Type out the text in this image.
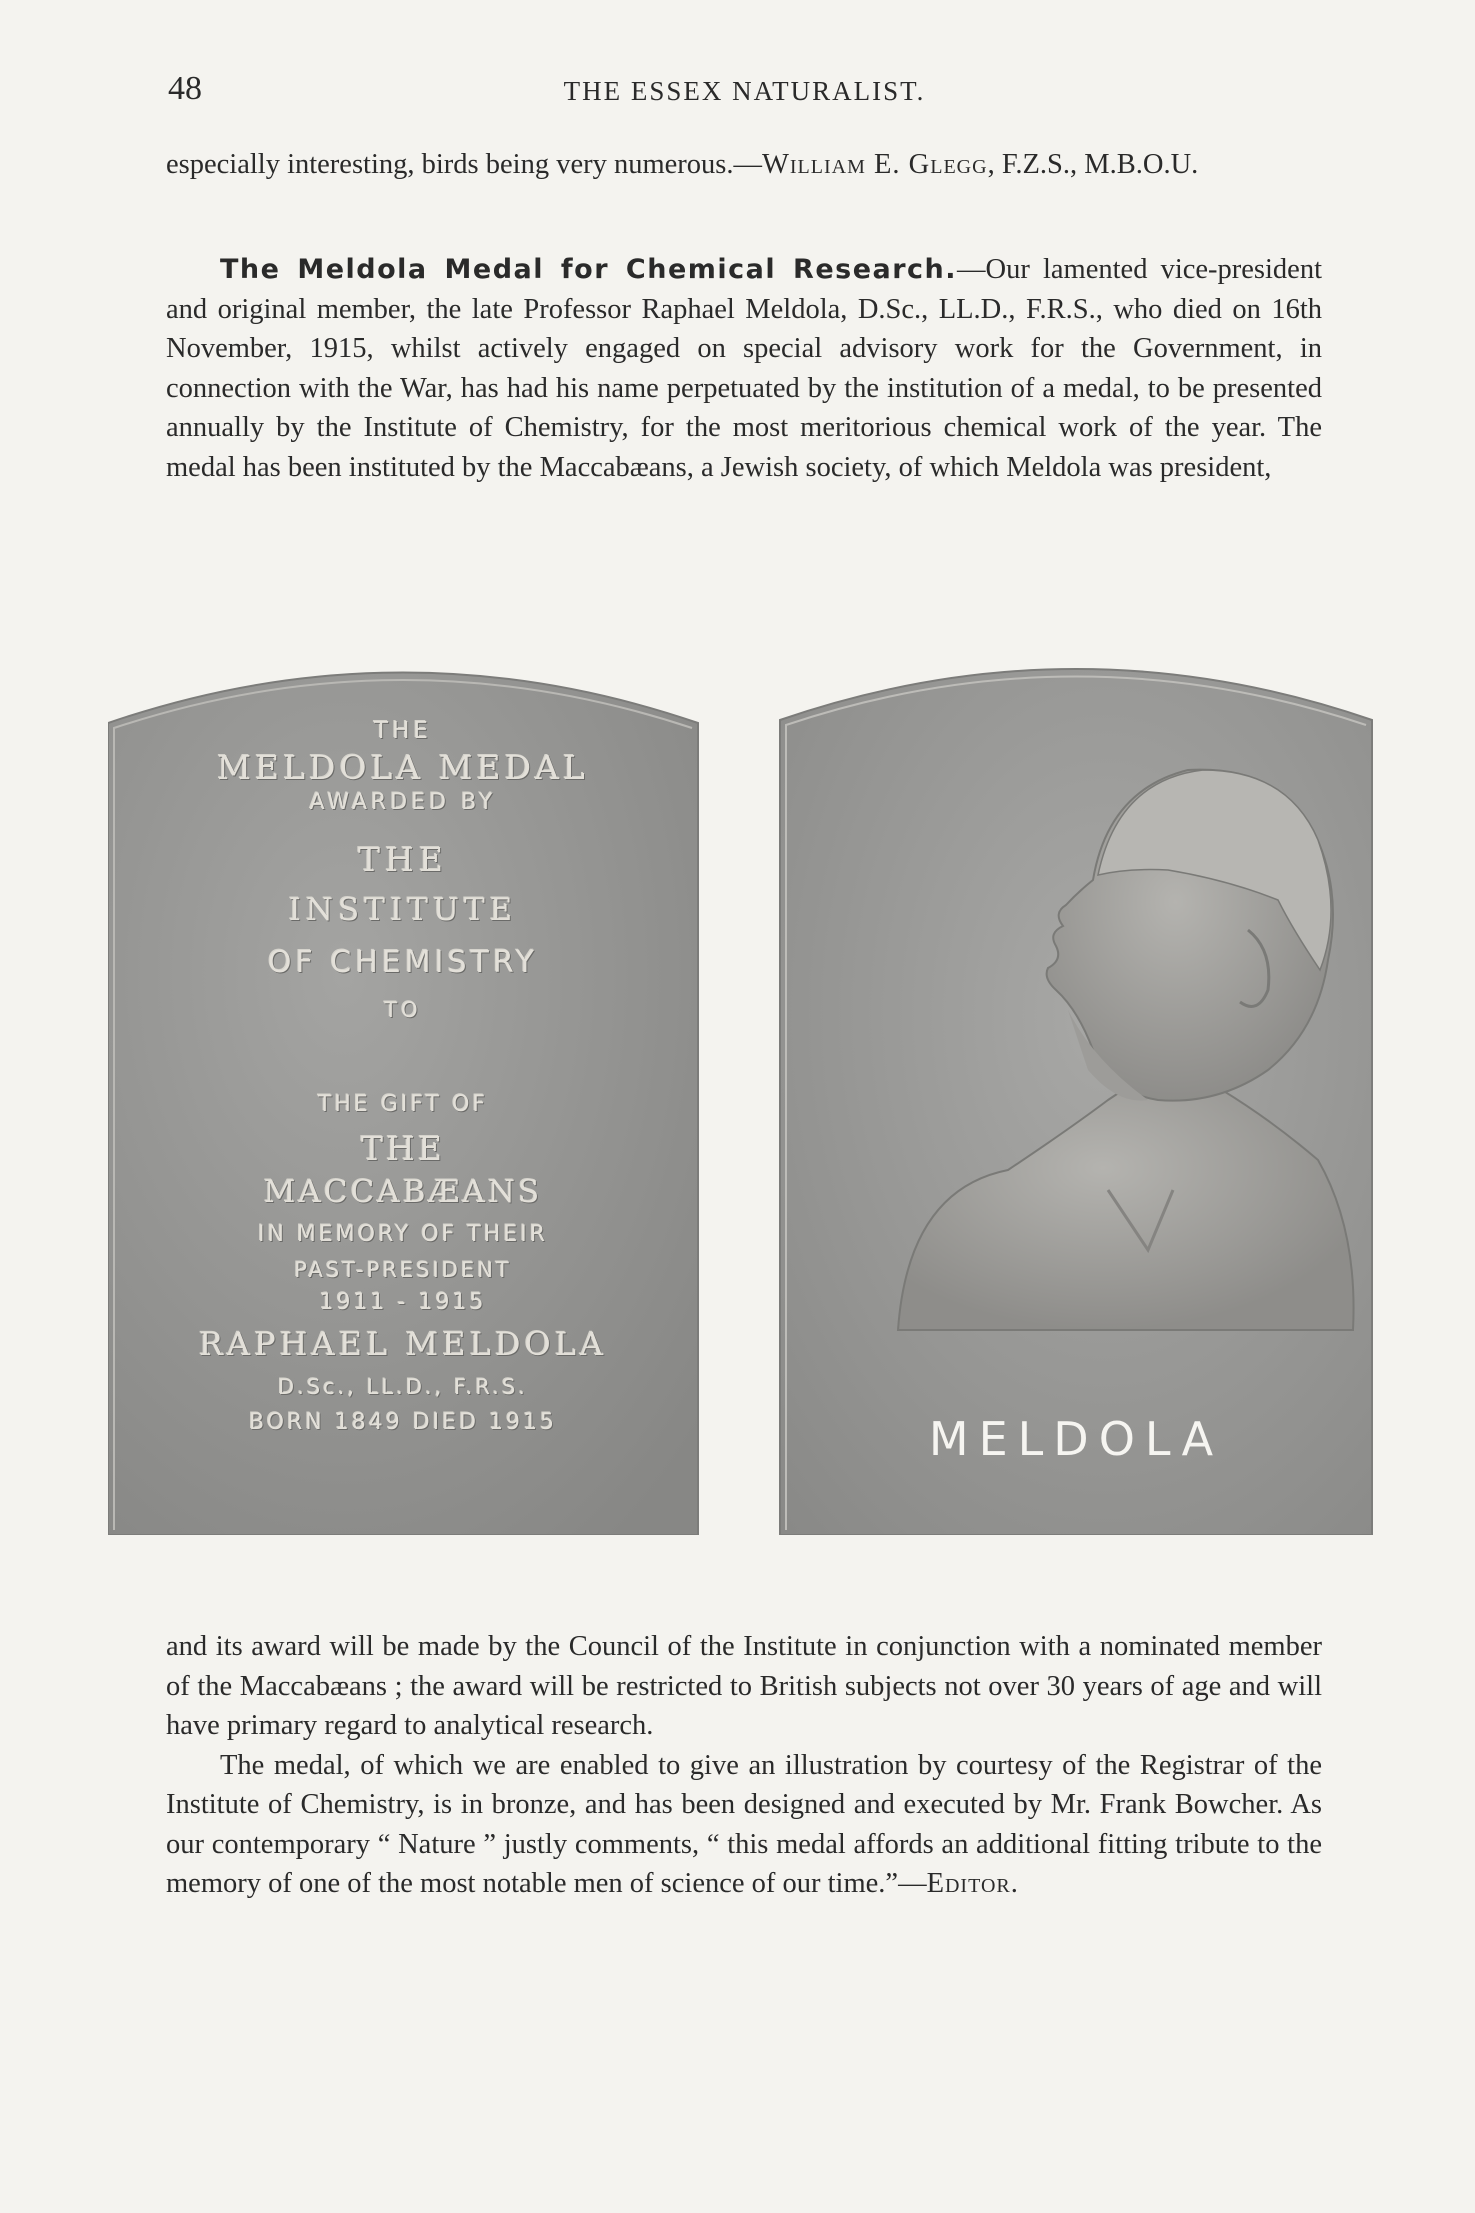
48	THE ESSEX NATURALIST.

especially interesting, birds being very numerous.—William E. Glegg, F.Z.S., M.B.O.U.

The Meldola Medal for Chemical Research.—Our lamented vice-president and original member, the late Professor Raphael Meldola, D.Sc., LL.D., F.R.S., who died on 16th November, 1915, whilst actively engaged on special advisory work for the Government, in connection with the War, has had his name perpetuated by the institution of a medal, to be presented annually by the Institute of Chemistry, for the most meritorious chemical work of the year. The medal has been instituted by the Maccabæans, a Jewish society, of which Meldola was president,

THE
MELDOLA MEDAL
AWARDED BY
THE
INSTITUTE
OF CHEMISTRY
TO
THE GIFT OF
THE
MACCABÆANS
IN MEMORY OF THEIR
PAST-PRESIDENT
1911 - 1915
RAPHAEL MELDOLA
D.Sc., LL.D., F.R.S.
BORN 1849 DIED 1915	MELDOLA

and its award will be made by the Council of the Institute in conjunction with a nominated member of the Maccabæans ; the award will be restricted to British subjects not over 30 years of age and will have primary regard to analytical research.

The medal, of which we are enabled to give an illustration by courtesy of the Registrar of the Institute of Chemistry, is in bronze, and has been designed and executed by Mr. Frank Bowcher. As our contemporary “ Nature ” justly comments, “ this medal affords an additional fitting tribute to the memory of one of the most notable men of science of our time.”—Editor.
